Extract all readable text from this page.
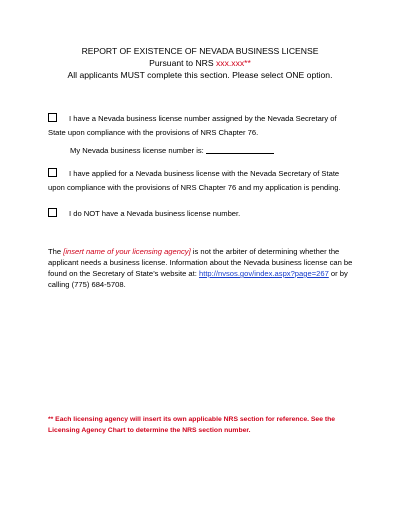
REPORT OF EXISTENCE OF NEVADA BUSINESS LICENSE
Pursuant to NRS xxx.xxx**
All applicants MUST complete this section. Please select ONE option.
I have a Nevada business license number assigned by the Nevada Secretary of State upon compliance with the provisions of NRS Chapter 76.
My Nevada business license number is:
I have applied for a Nevada business license with the Nevada Secretary of State upon compliance with the provisions of NRS Chapter 76 and my application is pending.
I do NOT have a Nevada business license number.
The [insert name of your licensing agency] is not the arbiter of determining whether the applicant needs a business license. Information about the Nevada business license can be found on the Secretary of State’s website at: http://nvsos.gov/index.aspx?page=267 or by calling (775) 684-5708.
** Each licensing agency will insert its own applicable NRS section for reference. See the Licensing Agency Chart to determine the NRS section number.
